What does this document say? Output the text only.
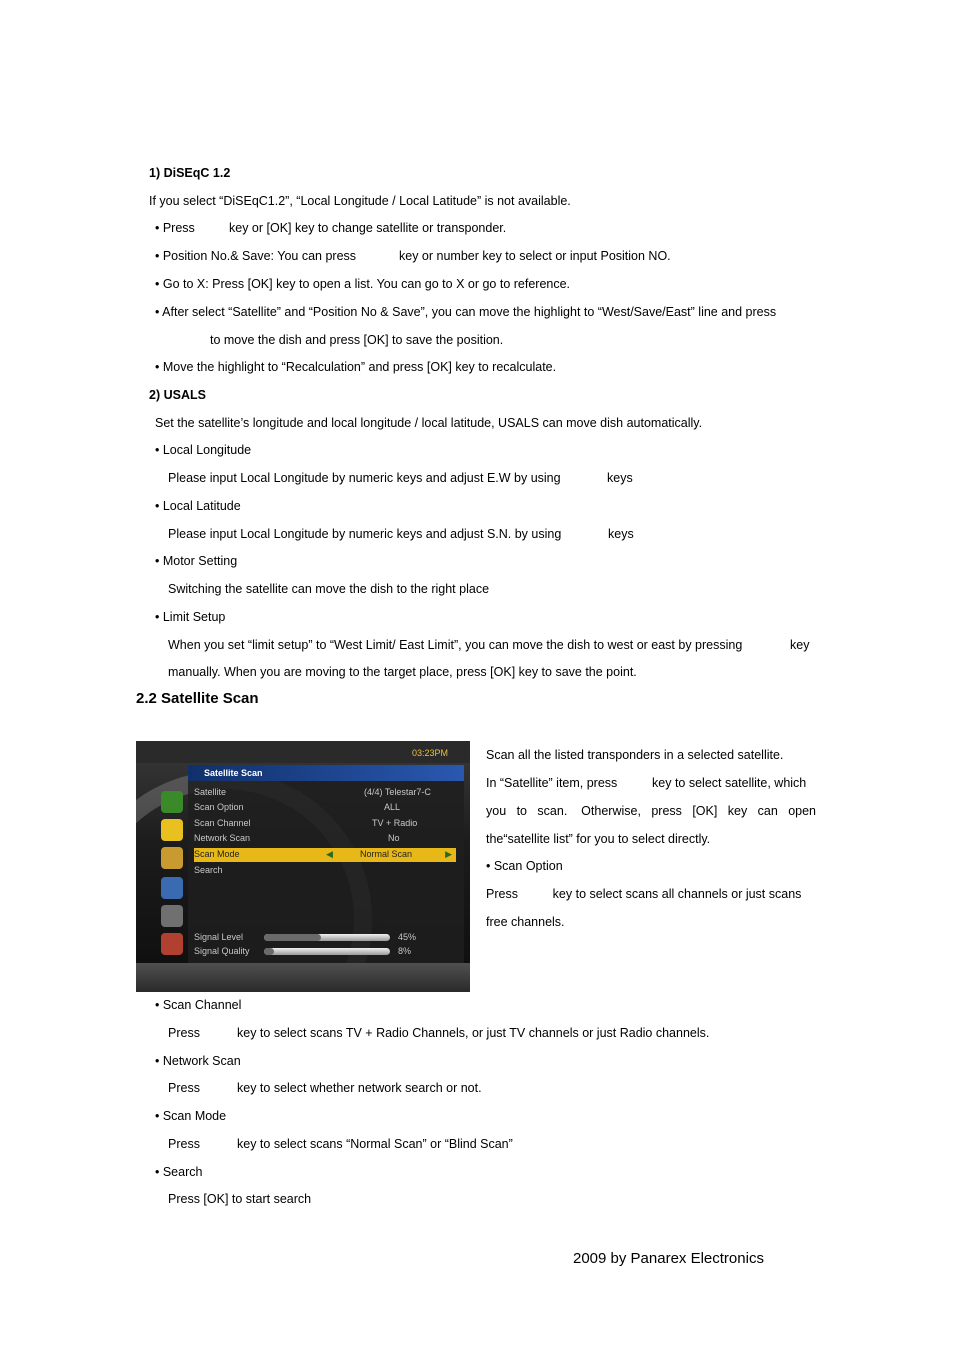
1) DiSEqC 1.2
If you select “DiSEqC1.2”, “Local Longitude / Local Latitude” is not available.
• Press	key or [OK] key to change satellite or transponder.
• Position No.& Save: You can press	key or number key to select or input Position NO.
• Go to X: Press [OK] key to open a list. You can go to X or go to reference.
• After select “Satellite” and “Position No & Save”, you can move the highlight to “West/Save/East” line and press
to move the dish and press [OK] to save the position.
• Move the highlight to “Recalculation” and press [OK] key to recalculate.
2) USALS
Set the satellite’s longitude and local longitude / local latitude, USALS can move dish automatically.
• Local Longitude
Please input Local Longitude by numeric keys and adjust E.W by using	keys
• Local Latitude
Please input Local Longitude by numeric keys and adjust S.N. by using	keys
• Motor Setting
Switching the satellite can move the dish to the right place
• Limit Setup
When you set “limit setup” to “West Limit/ East Limit”, you can move the dish to west or east by pressing	key
manually. When you are moving to the target place, press [OK] key to save the point.
2.2 Satellite Scan
03:23PM
Satellite Scan
Satellite	(4/4) Telestar7-C
Scan Option	ALL
Scan Channel	TV + Radio
Network Scan	No
Scan Mode	◀	Normal Scan	▶
Search
Signal Level	45%
Signal Quality	8%
Scan all the listed transponders in a selected satellite.
In “Satellite” item, press          key to select satellite, which
you   to   scan.    Otherwise,   press   [OK]   key   can   open
the“satellite list” for you to select directly.
• Scan Option
Press          key to select scans all channels or just scans
free channels.
• Scan Channel
Press	key to select scans TV + Radio Channels, or just TV channels or just Radio channels.
• Network Scan
Press	key to select whether network search or not.
• Scan Mode
Press	key to select scans “Normal Scan” or “Blind Scan”
• Search
Press [OK] to start search
2009 by Panarex Electronics
